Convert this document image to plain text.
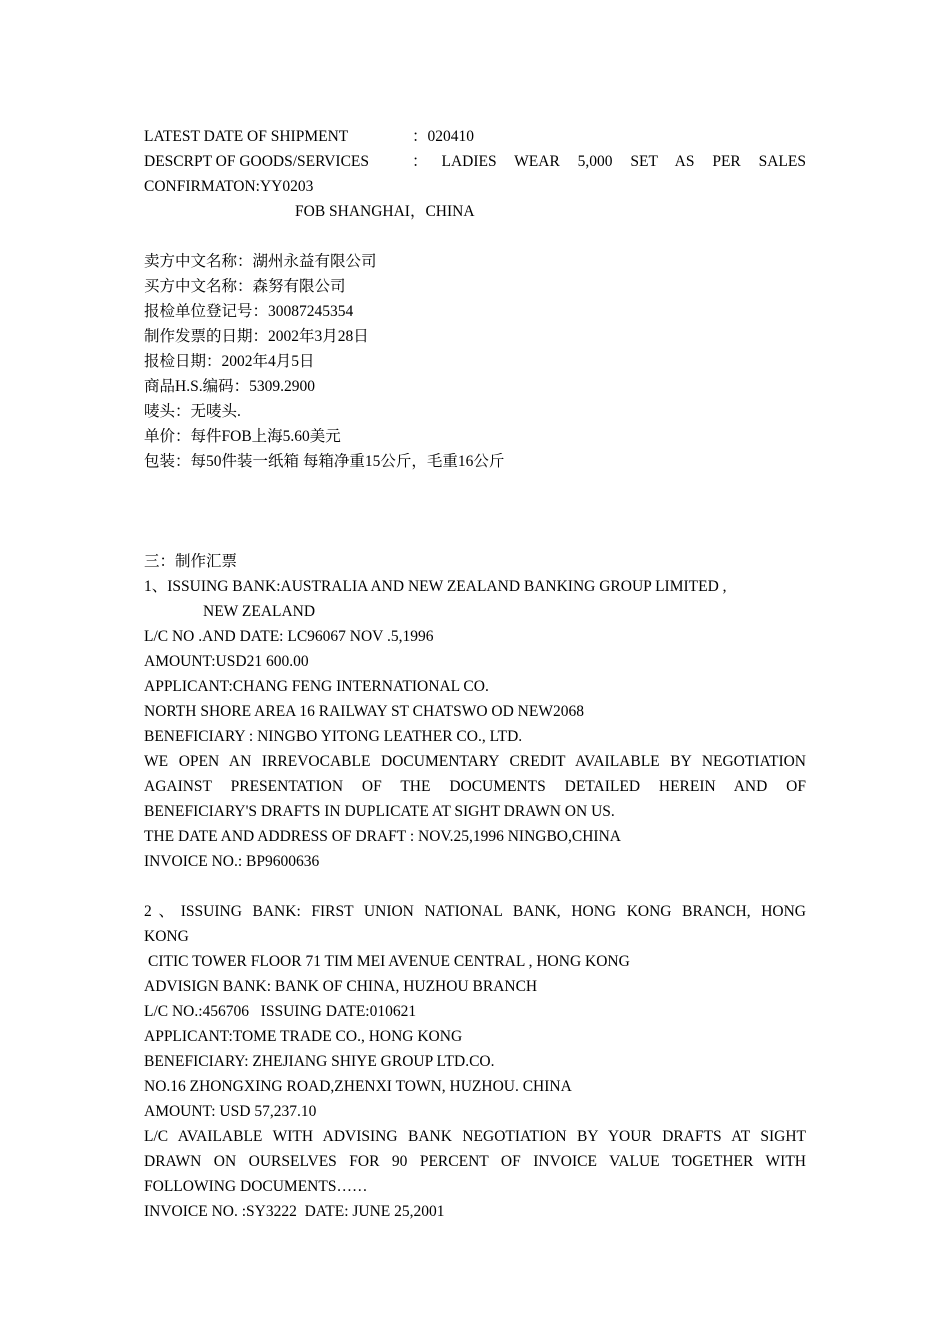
LATEST DATE OF SHIPMENT	：020410
DESCRPT OF GOODS/SERVICES	：LADIES WEAR 5,000 SET AS PER SALES
CONFIRMATON:YY0203
FOB SHANGHAI，CHINA
卖方中文名称：湖州永益有限公司
买方中文名称：森努有限公司
报检单位登记号：30087245354
制作发票的日期：2002年3月28日
报检日期：2002年4月5日
商品H.S.编码：5309.2900
唛头：无唛头.
单价：每件FOB上海5.60美元
包装：每50件装一纸箱 每箱净重15公斤，毛重16公斤
三：制作汇票
1、ISSUING BANK:AUSTRALIA AND NEW ZEALAND BANKING GROUP LIMITED ,
NEW ZEALAND
L/C NO .AND DATE: LC96067 NOV .5,1996
AMOUNT:USD21 600.00
APPLICANT:CHANG FENG INTERNATIONAL CO.
NORTH SHORE AREA 16 RAILWAY ST CHATSWO OD NEW2068
BENEFICIARY : NINGBO YITONG LEATHER CO., LTD.
WE OPEN AN IRREVOCABLE DOCUMENTARY CREDIT AVAILABLE BY NEGOTIATION
AGAINST PRESENTATION OF THE DOCUMENTS DETAILED HEREIN AND OF
BENEFICIARY'S DRAFTS IN DUPLICATE AT SIGHT DRAWN ON US.
THE DATE AND ADDRESS OF DRAFT : NOV.25,1996 NINGBO,CHINA
INVOICE NO.: BP9600636
2、ISSUING BANK: FIRST UNION NATIONAL BANK, HONG KONG BRANCH, HONG
KONG
CITIC TOWER FLOOR 71 TIM MEI AVENUE CENTRAL , HONG KONG
ADVISIGN BANK: BANK OF CHINA, HUZHOU BRANCH
L/C NO.:456706   ISSUING DATE:010621
APPLICANT:TOME TRADE CO., HONG KONG
BENEFICIARY: ZHEJIANG SHIYE GROUP LTD.CO.
NO.16 ZHONGXING ROAD,ZHENXI TOWN, HUZHOU. CHINA
AMOUNT: USD 57,237.10
L/C AVAILABLE WITH ADVISING BANK NEGOTIATION BY YOUR DRAFTS AT SIGHT
DRAWN ON OURSELVES FOR 90 PERCENT OF INVOICE VALUE TOGETHER WITH
FOLLOWING DOCUMENTS……
INVOICE NO. :SY3222  DATE: JUNE 25,2001
